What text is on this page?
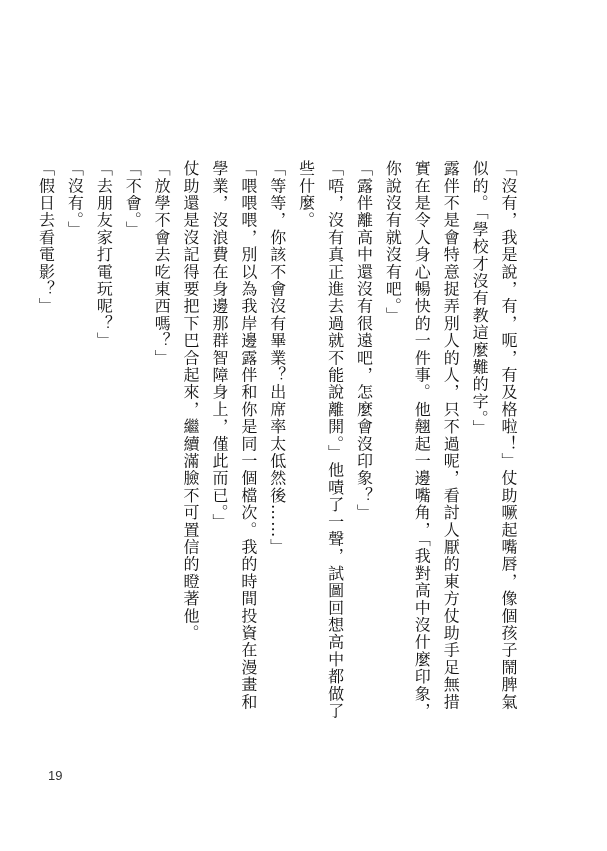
「沒有，我是說，有，呃，有及格啦！」仗助噘起嘴唇，像個孩子鬧脾氣似的。「學校才沒有教這麼難的字。」

露伴不是會特意捉弄別人的人，只不過呢，看討人厭的東方仗助手足無措實在是令人身心暢快的一件事。他翹起一邊嘴角，「我對高中沒什麼印象，你說沒有就沒有吧。」

「露伴離高中還沒有很遠吧，怎麼會沒印象？」

「唔，沒有真正進去過就不能說離開。」他嘖了一聲，試圖回想高中都做了些什麼。

「等等，你該不會沒有畢業？出席率太低然後……」

「喂喂喂，別以為我岸邊露伴和你是同一個檔次。我的時間投資在漫畫和學業，沒浪費在身邊那群智障身上，僅此而已。」

仗助還是沒記得要把下巴合起來，繼續滿臉不可置信的瞪著他。

「放學不會去吃東西嗎？」

「不會。」

「去朋友家打電玩呢？」

「沒有。」

「假日去看電影？」

19
